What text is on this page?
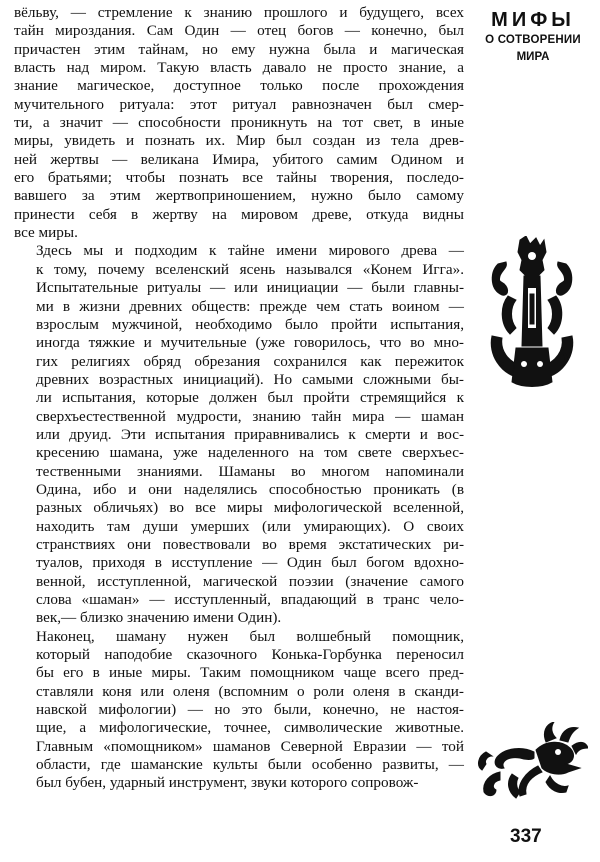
вёльву, — стремление к знанию прошлого и будущего, всех
тайн мироздания. Сам Один — отец богов — конечно, был
причастен этим тайнам, но ему нужна была и магическая
власть над миром. Такую власть давало не просто знание, а
знание магическое, доступное только после прохождения
мучительного ритуала: этот ритуал равнозначен был смер-
ти, а значит — способности проникнуть на тот свет, в иные
миры, увидеть и познать их. Мир был создан из тела древ-
ней жертвы — великана Имира, убитого самим Одином и
его братьями; чтобы познать все тайны творения, последо-
вавшего за этим жертвоприношением, нужно было самому
принести себя в жертву на мировом древе, откуда видны
все миры.

Здесь мы и подходим к тайне имени мирового древа —
к тому, почему вселенский ясень назывался «Конем Игга».
Испытательные ритуалы — или инициации — были главны-
ми в жизни древних обществ: прежде чем стать воином —
взрослым мужчиной, необходимо было пройти испытания,
иногда тяжкие и мучительные (уже говорилось, что во мно-
гих религиях обряд обрезания сохранился как пережиток
древних возрастных инициаций). Но самыми сложными бы-
ли испытания, которые должен был пройти стремящийся к
сверхъестественной мудрости, знанию тайн мира — шаман
или друид. Эти испытания приравнивались к смерти и вос-
кресению шамана, уже наделенного на том свете сверхъес-
тественными знаниями. Шаманы во многом напоминали
Одина, ибо и они наделялись способностью проникать (в
разных обличьях) во все миры мифологической вселенной,
находить там души умерших (или умирающих). О своих
странствиях они повествовали во время экстатических ри-
туалов, приходя в исступление — Один был богом вдохно-
венной, исступленной, магической поэзии (значение самого
слова «шаман» — исступленный, впадающий в транс чело-
век,— близко значению имени Один).

Наконец, шаману нужен был волшебный помощник,
который наподобие сказочного Конька-Горбунка переносил
бы его в иные миры. Таким помощником чаще всего пред-
ставляли коня или оленя (вспомним о роли оленя в сканди-
навской мифологии) — но это были, конечно, не настоя-
щие, а мифологические, точнее, символические животные.
Главным «помощником» шаманов Северной Евразии — той
области, где шаманские культы были особенно развиты, —
был бубен, ударный инструмент, звуки которого сопровож-

МИФЫ
О СОТВОРЕНИИ
МИРА
337
